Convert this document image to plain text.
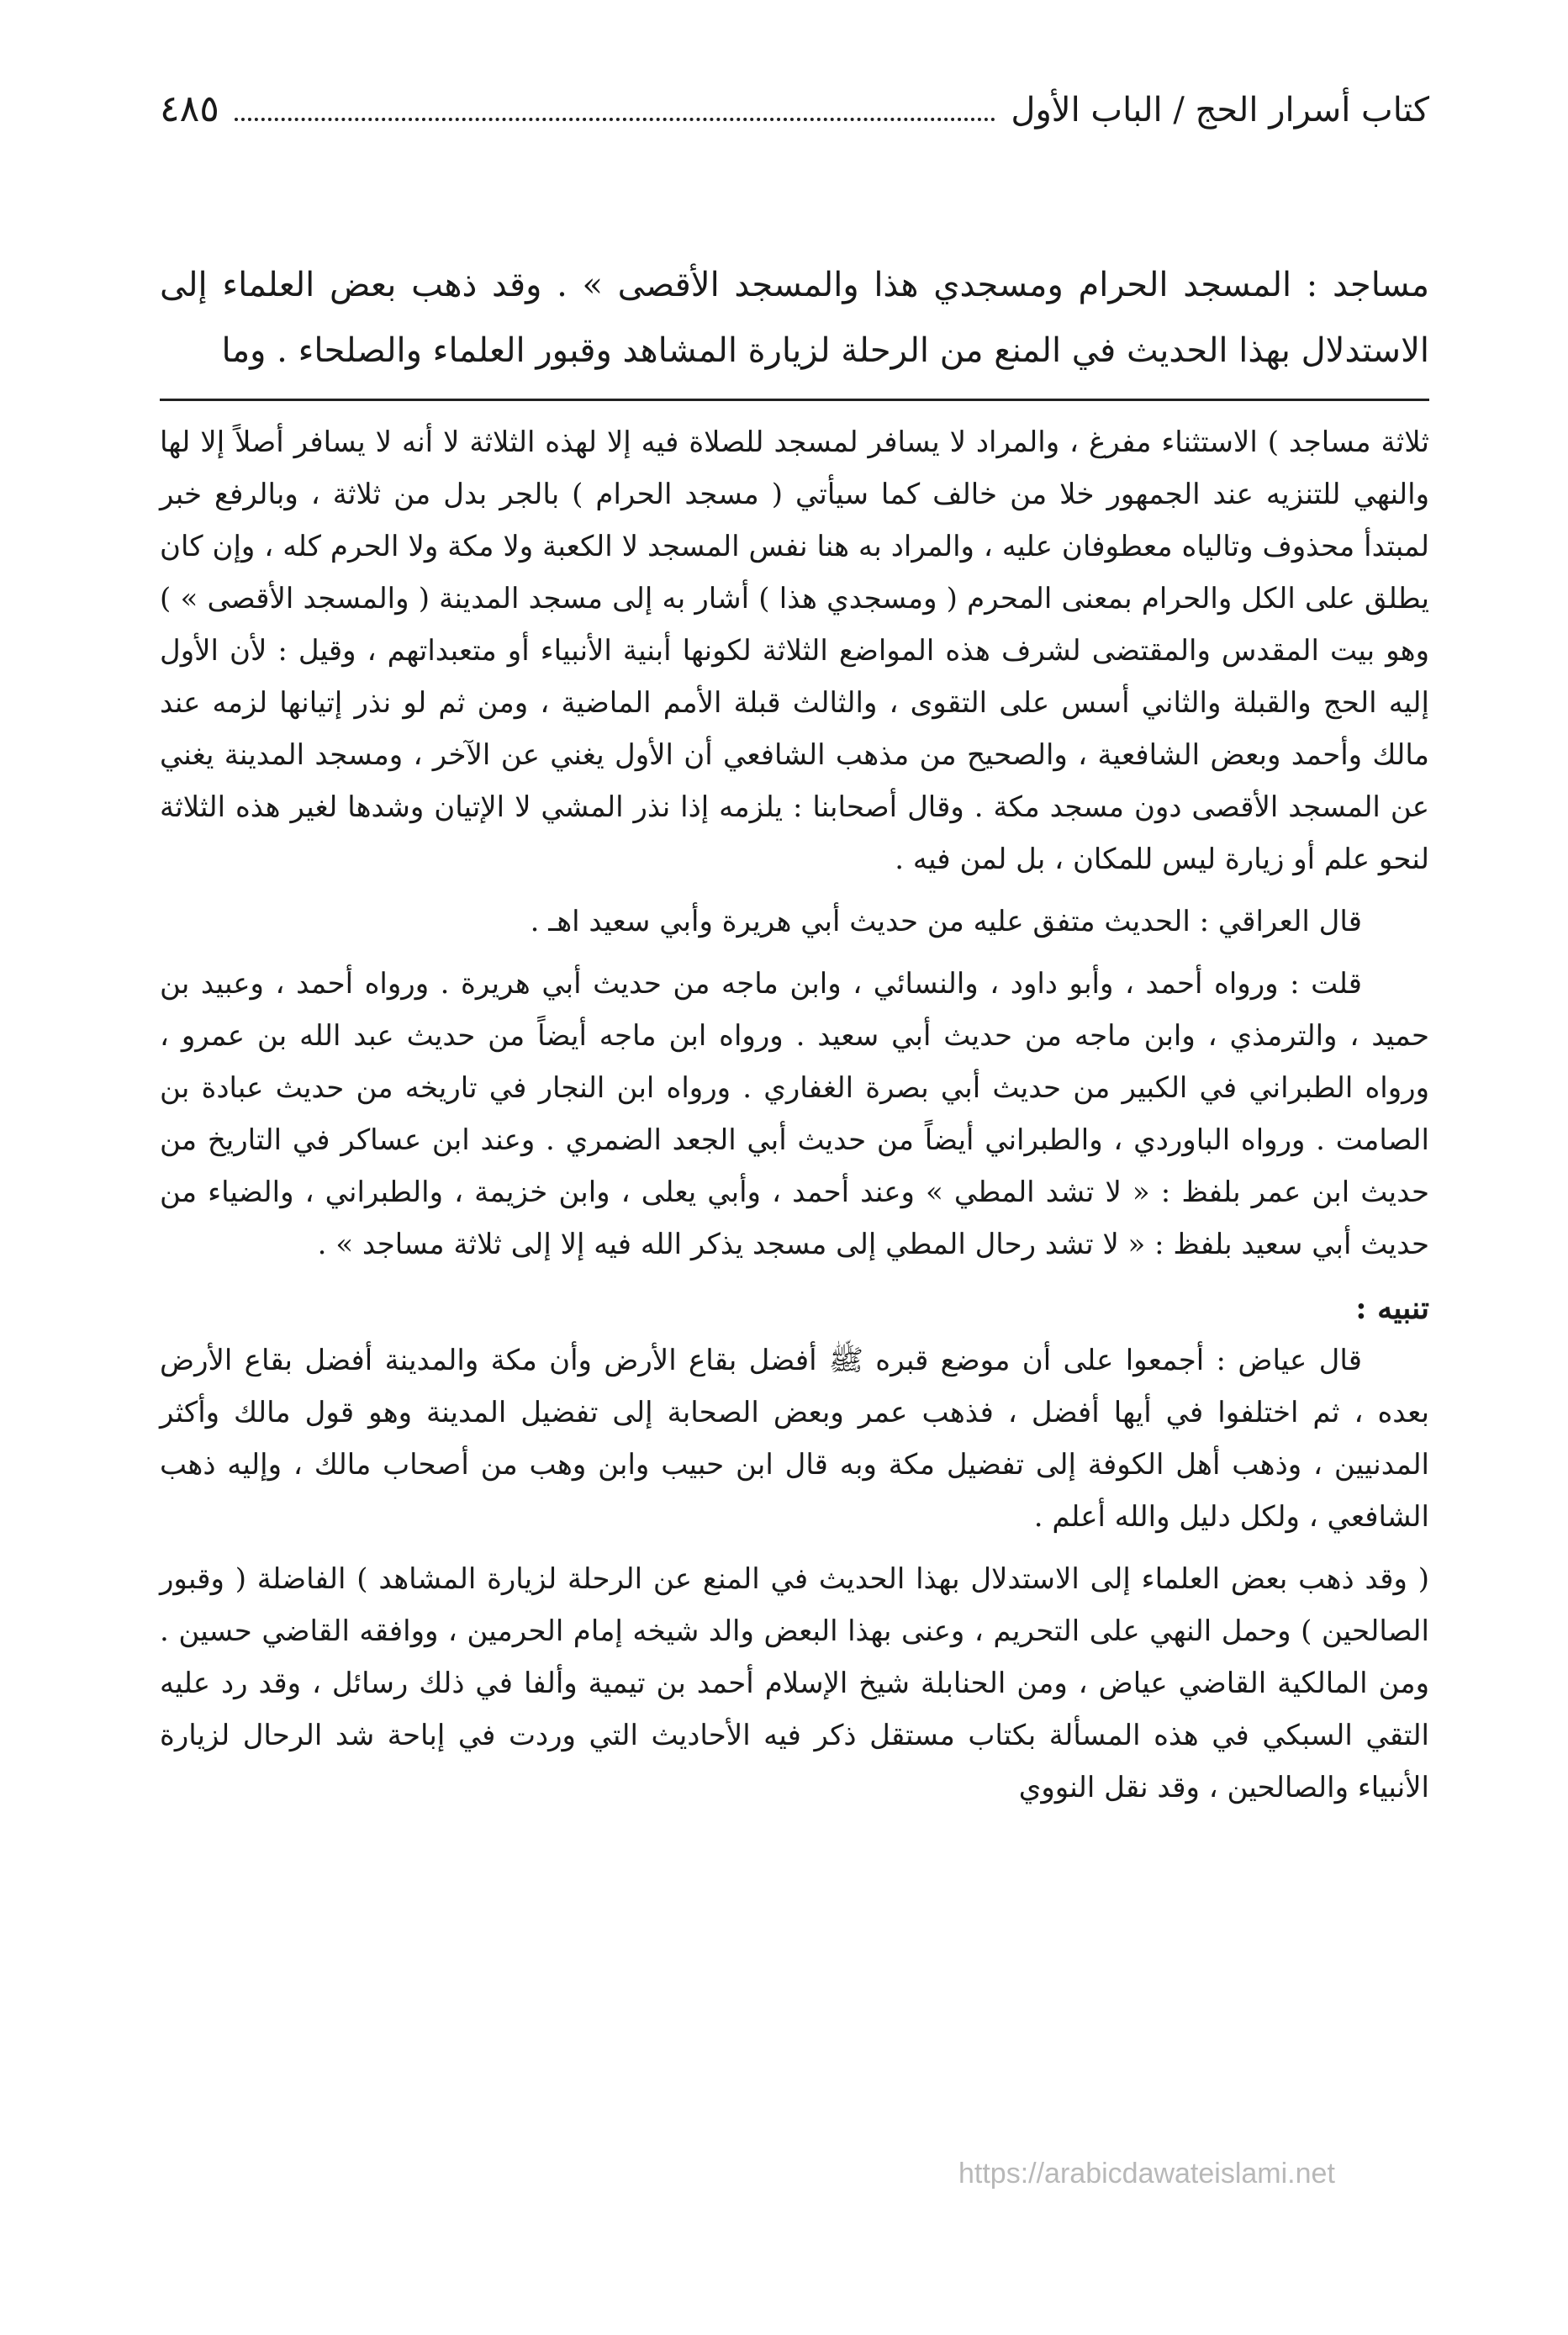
كتاب أسرار الحج / الباب الأول
٤٨٥
مساجد : المسجد الحرام ومسجدي هذا والمسجد الأقصى » . وقد ذهب بعض العلماء إلى الاستدلال بهذا الحديث في المنع من الرحلة لزيارة المشاهد وقبور العلماء والصلحاء . وما

ثلاثة مساجد ) الاستثناء مفرغ ، والمراد لا يسافر لمسجد للصلاة فيه إلا لهذه الثلاثة لا أنه لا يسافر أصلاً إلا لها والنهي للتنزيه عند الجمهور خلا من خالف كما سيأتي ( مسجد الحرام ) بالجر بدل من ثلاثة ، وبالرفع خبر لمبتدأ محذوف وتالياه معطوفان عليه ، والمراد به هنا نفس المسجد لا الكعبة ولا مكة ولا الحرم كله ، وإن كان يطلق على الكل والحرام بمعنى المحرم ( ومسجدي هذا ) أشار به إلى مسجد المدينة ( والمسجد الأقصى » ) وهو بيت المقدس والمقتضى لشرف هذه المواضع الثلاثة لكونها أبنية الأنبياء أو متعبداتهم ، وقيل : لأن الأول إليه الحج والقبلة والثاني أسس على التقوى ، والثالث قبلة الأمم الماضية ، ومن ثم لو نذر إتيانها لزمه عند مالك وأحمد وبعض الشافعية ، والصحيح من مذهب الشافعي أن الأول يغني عن الآخر ، ومسجد المدينة يغني عن المسجد الأقصى دون مسجد مكة . وقال أصحابنا : يلزمه إذا نذر المشي لا الإتيان وشدها لغير هذه الثلاثة لنحو علم أو زيارة ليس للمكان ، بل لمن فيه .

قال العراقي : الحديث متفق عليه من حديث أبي هريرة وأبي سعيد اهـ .

قلت : ورواه أحمد ، وأبو داود ، والنسائي ، وابن ماجه من حديث أبي هريرة . ورواه أحمد ، وعبيد بن حميد ، والترمذي ، وابن ماجه من حديث أبي سعيد . ورواه ابن ماجه أيضاً من حديث عبد الله بن عمرو ، ورواه الطبراني في الكبير من حديث أبي بصرة الغفاري . ورواه ابن النجار في تاريخه من حديث عبادة بن الصامت . ورواه الباوردي ، والطبراني أيضاً من حديث أبي الجعد الضمري . وعند ابن عساكر في التاريخ من حديث ابن عمر بلفظ : « لا تشد المطي » وعند أحمد ، وأبي يعلى ، وابن خزيمة ، والطبراني ، والضياء من حديث أبي سعيد بلفظ : « لا تشد رحال المطي إلى مسجد يذكر الله فيه إلا إلى ثلاثة مساجد » .

تنبيه :

قال عياض : أجمعوا على أن موضع قبره ﷺ أفضل بقاع الأرض وأن مكة والمدينة أفضل بقاع الأرض بعده ، ثم اختلفوا في أيها أفضل ، فذهب عمر وبعض الصحابة إلى تفضيل المدينة وهو قول مالك وأكثر المدنيين ، وذهب أهل الكوفة إلى تفضيل مكة وبه قال ابن حبيب وابن وهب من أصحاب مالك ، وإليه ذهب الشافعي ، ولكل دليل والله أعلم .

( وقد ذهب بعض العلماء إلى الاستدلال بهذا الحديث في المنع عن الرحلة لزيارة المشاهد ) الفاضلة ( وقبور الصالحين ) وحمل النهي على التحريم ، وعنى بهذا البعض والد شيخه إمام الحرمين ، ووافقه القاضي حسين . ومن المالكية القاضي عياض ، ومن الحنابلة شيخ الإسلام أحمد بن تيمية وألفا في ذلك رسائل ، وقد رد عليه التقي السبكي في هذه المسألة بكتاب مستقل ذكر فيه الأحاديث التي وردت في إباحة شد الرحال لزيارة الأنبياء والصالحين ، وقد نقل النووي

https://arabicdawateislami.net
